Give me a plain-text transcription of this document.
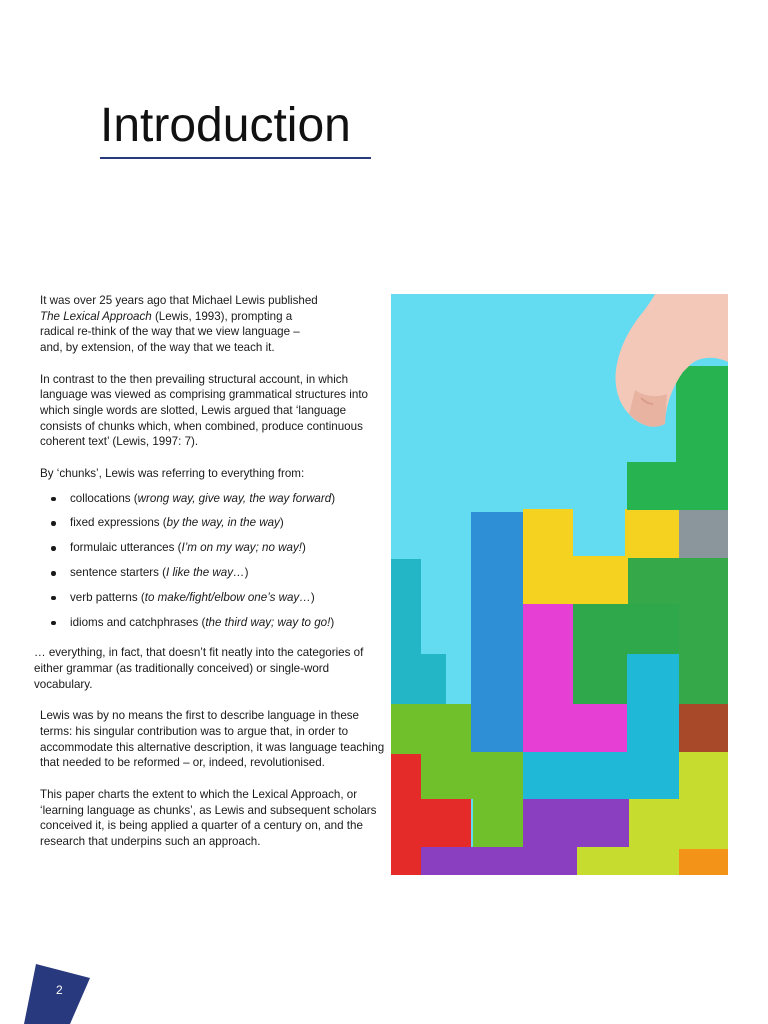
Introduction

It was over 25 years ago that Michael Lewis published
The Lexical Approach (Lewis, 1993), prompting a
radical re-think of the way that we view language –
and, by extension, of the way that we teach it.

In contrast to the then prevailing structural account, in which language was viewed as comprising grammatical structures into which single words are slotted, Lewis argued that ‘language consists of chunks which, when combined, produce continuous coherent text’ (Lewis, 1997: 7).

By ‘chunks’, Lewis was referring to everything from:

collocations (wrong way, give way, the way forward)
fixed expressions (by the way, in the way)
formulaic utterances (I’m on my way; no way!)
sentence starters (I like the way…)
verb patterns (to make/fight/elbow one’s way…)
idioms and catchphrases (the third way; way to go!)

… everything, in fact, that doesn’t fit neatly into the categories of either grammar (as traditionally conceived) or single-word vocabulary.

Lewis was by no means the first to describe language in these terms: his singular contribution was to argue that, in order to accommodate this alternative description, it was language teaching that needed to be reformed – or, indeed, revolutionised.

This paper charts the extent to which the Lexical Approach, or ‘learning language as chunks’, as Lewis and subsequent scholars conceived it, is being applied a quarter of a century on, and the research that underpins such an approach.

2
